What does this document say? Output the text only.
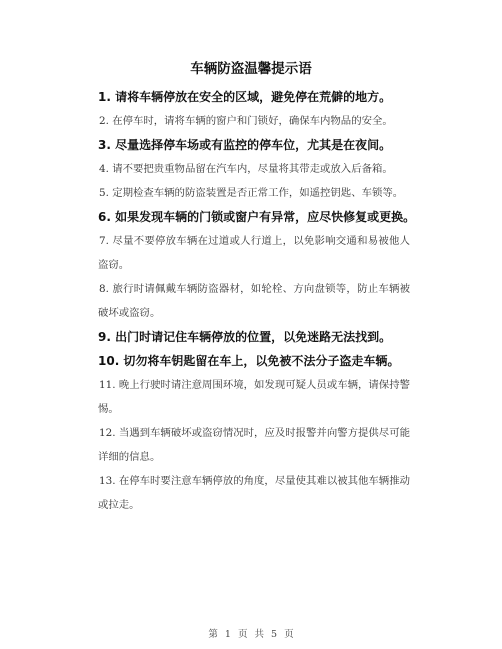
车辆防盗温馨提示语

1. 请将车辆停放在安全的区域，避免停在荒僻的地方。

2. 在停车时，请将车辆的窗户和门锁好，确保车内物品的安全。

3. 尽量选择停车场或有监控的停车位，尤其是在夜间。

4. 请不要把贵重物品留在汽车内，尽量将其带走或放入后备箱。

5. 定期检查车辆的防盗装置是否正常工作，如遥控钥匙、车锁等。

6. 如果发现车辆的门锁或窗户有异常，应尽快修复或更换。

7. 尽量不要停放车辆在过道或人行道上，以免影响交通和易被他人盗窃。

8. 旅行时请佩戴车辆防盗器材，如轮栓、方向盘锁等，防止车辆被破坏或盗窃。

9. 出门时请记住车辆停放的位置，以免迷路无法找到。

10. 切勿将车钥匙留在车上，以免被不法分子盗走车辆。

11. 晚上行驶时请注意周围环境，如发现可疑人员或车辆，请保持警惕。

12. 当遇到车辆破坏或盗窃情况时，应及时报警并向警方提供尽可能详细的信息。

13. 在停车时要注意车辆停放的角度，尽量使其难以被其他车辆推动或拉走。

第 1 页 共 5 页
